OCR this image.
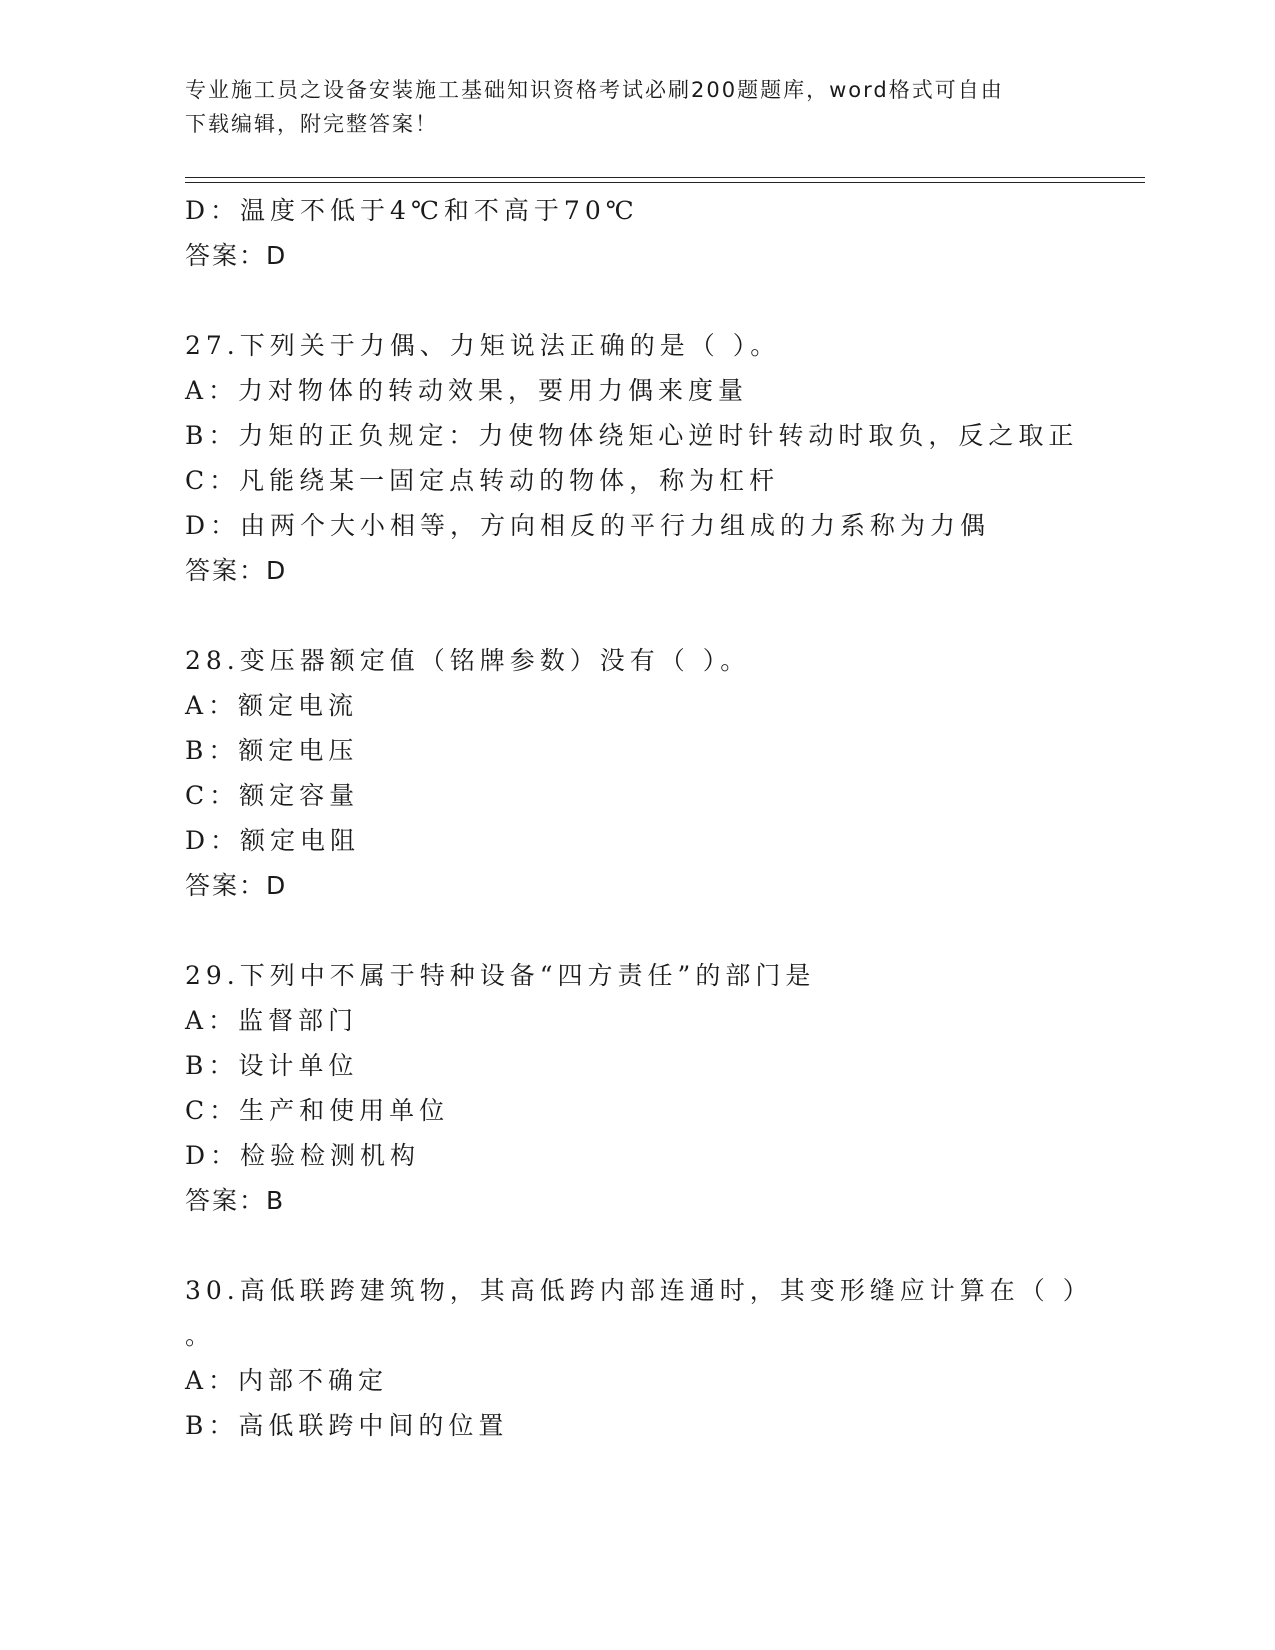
专业施工员之设备安装施工基础知识资格考试必刷200题题库，word格式可自由
下载编辑，附完整答案！
D：温度不低于4℃和不高于70℃
答案：D
27.下列关于力偶、力矩说法正确的是（ ）。
A：力对物体的转动效果，要用力偶来度量
B：力矩的正负规定：力使物体绕矩心逆时针转动时取负，反之取正
C：凡能绕某一固定点转动的物体，称为杠杆
D：由两个大小相等，方向相反的平行力组成的力系称为力偶
答案：D
28.变压器额定值（铭牌参数）没有（ ）。
A：额定电流
B：额定电压
C：额定容量
D：额定电阻
答案：D
29.下列中不属于特种设备“四方责任”的部门是
A：监督部门
B：设计单位
C：生产和使用单位
D：检验检测机构
答案：B
30.高低联跨建筑物，其高低跨内部连通时，其变形缝应计算在（ ）
。
A：内部不确定
B：高低联跨中间的位置
